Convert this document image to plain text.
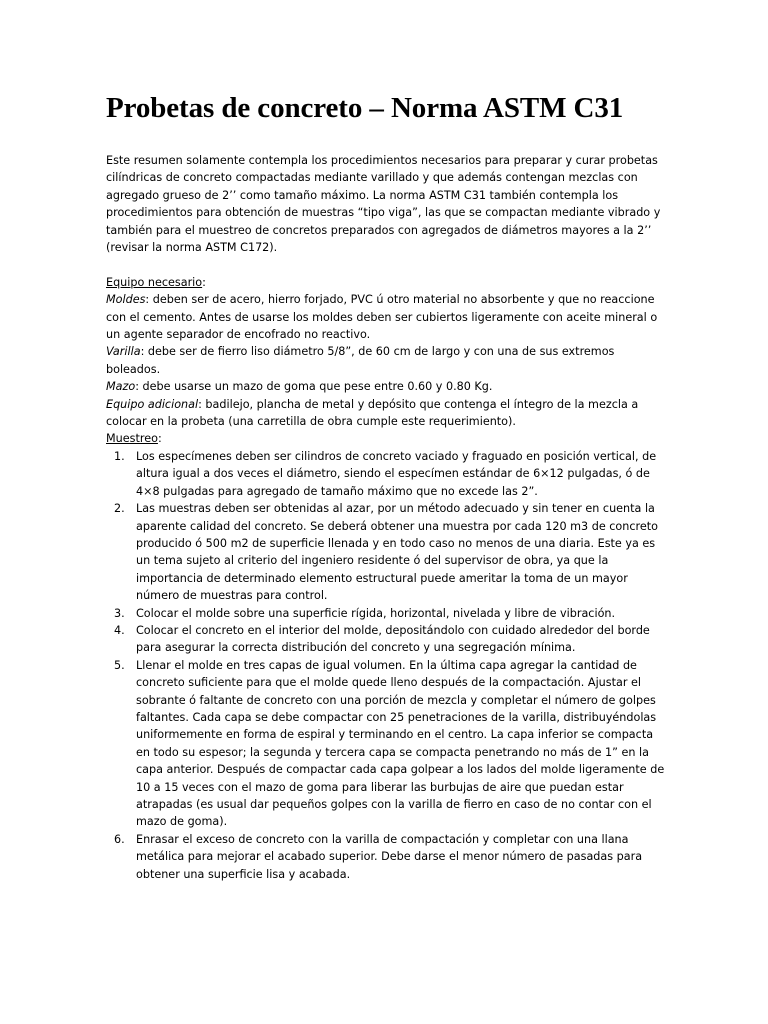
Probetas de concreto – Norma ASTM C31

Este resumen solamente contempla los procedimientos necesarios para preparar y curar probetas cilíndricas de concreto compactadas mediante varillado y que además contengan mezclas con agregado grueso de 2’’ como tamaño máximo. La norma ASTM C31 también contempla los procedimientos para obtención de muestras “tipo viga”, las que se compactan mediante vibrado y también para el muestreo de concretos preparados con agregados de diámetros mayores a la 2’’ (revisar la norma ASTM C172).

Equipo necesario:

Moldes: deben ser de acero, hierro forjado, PVC ú otro material no absorbente y que no reaccione con el cemento. Antes de usarse los moldes deben ser cubiertos ligeramente con aceite mineral o un agente separador de encofrado no reactivo.

Varilla: debe ser de fierro liso diámetro 5/8”, de 60 cm de largo y con una de sus extremos boleados.

Mazo: debe usarse un mazo de goma que pese entre 0.60 y 0.80 Kg.

Equipo adicional: badilejo, plancha de metal y depósito que contenga el íntegro de la mezcla a colocar en la probeta (una carretilla de obra cumple este requerimiento).

Muestreo:

1. Los especímenes deben ser cilindros de concreto vaciado y fraguado en posición vertical, de altura igual a dos veces el diámetro, siendo el especímen estándar de 6×12 pulgadas, ó de 4×8 pulgadas para agregado de tamaño máximo que no excede las 2”.
2. Las muestras deben ser obtenidas al azar, por un método adecuado y sin tener en cuenta la aparente calidad del concreto. Se deberá obtener una muestra por cada 120 m3 de concreto producido ó 500 m2 de superficie llenada y en todo caso no menos de una diaria. Este ya es un tema sujeto al criterio del ingeniero residente ó del supervisor de obra, ya que la importancia de determinado elemento estructural puede ameritar la toma de un mayor número de muestras para control.
3. Colocar el molde sobre una superficie rígida, horizontal, nivelada y libre de vibración.
4. Colocar el concreto en el interior del molde, depositándolo con cuidado alrededor del borde para asegurar la correcta distribución del concreto y una segregación mínima.
5. Llenar el molde en tres capas de igual volumen. En la última capa agregar la cantidad de concreto suficiente para que el molde quede lleno después de la compactación. Ajustar el sobrante ó faltante de concreto con una porción de mezcla y completar el número de golpes faltantes. Cada capa se debe compactar con 25 penetraciones de la varilla, distribuyéndolas uniformemente en forma de espiral y terminando en el centro. La capa inferior se compacta en todo su espesor; la segunda y tercera capa se compacta penetrando no más de 1” en la capa anterior. Después de compactar cada capa golpear a los lados del molde ligeramente de 10 a 15 veces con el mazo de goma para liberar las burbujas de aire que puedan estar atrapadas (es usual dar pequeños golpes con la varilla de fierro en caso de no contar con el mazo de goma).
6. Enrasar el exceso de concreto con la varilla de compactación y completar con una llana metálica para mejorar el acabado superior. Debe darse el menor número de pasadas para obtener una superficie lisa y acabada.
